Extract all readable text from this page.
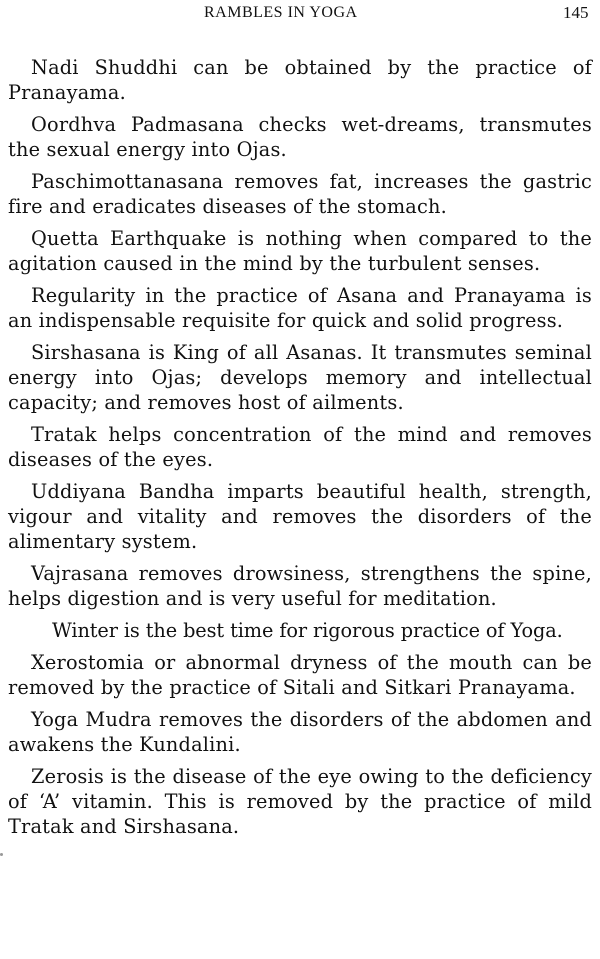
RAMBLES IN YOGA	145

Nadi Shuddhi can be obtained by the practice of Pranayama.

Oordhva Padmasana checks wet-dreams, transmutes the sexual energy into Ojas.

Paschimottanasana removes fat, increases the gastric fire and eradicates diseases of the stomach.

Quetta Earthquake is nothing when compared to the agitation caused in the mind by the turbulent senses.

Regularity in the practice of Asana and Pranayama is an indispensable requisite for quick and solid progress.

Sirshasana is King of all Asanas. It transmutes seminal energy into Ojas; develops memory and intellectual capacity; and removes host of ailments.

Tratak helps concentration of the mind and removes diseases of the eyes.

Uddiyana Bandha imparts beautiful health, strength, vigour and vitality and removes the disorders of the alimentary system.

Vajrasana removes drowsiness, strengthens the spine, helps digestion and is very useful for meditation.

Winter is the best time for rigorous practice of Yoga.

Xerostomia or abnormal dryness of the mouth can be removed by the practice of Sitali and Sitkari Pranayama.

Yoga Mudra removes the disorders of the abdomen and awakens the Kundalini.

Zerosis is the disease of the eye owing to the deficiency of ‘A’ vitamin. This is removed by the practice of mild Tratak and Sirshasana.
